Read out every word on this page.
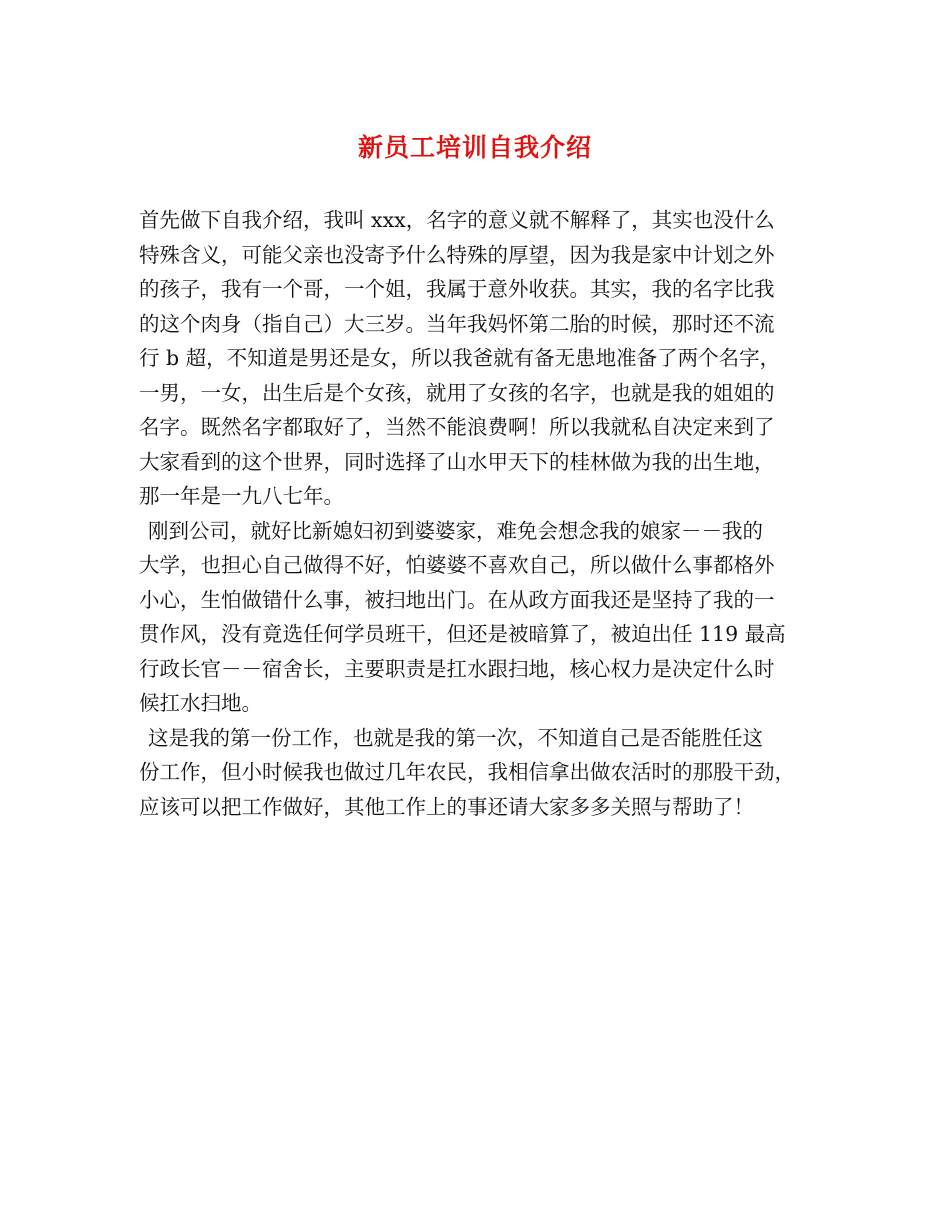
新员工培训自我介绍
首先做下自我介绍，我叫 xxx，名字的意义就不解释了，其实也没什么
特殊含义，可能父亲也没寄予什么特殊的厚望，因为我是家中计划之外
的孩子，我有一个哥，一个姐，我属于意外收获。其实，我的名字比我
的这个肉身（指自己）大三岁。当年我妈怀第二胎的时候，那时还不流
行 b 超，不知道是男还是女，所以我爸就有备无患地准备了两个名字，
一男，一女，出生后是个女孩，就用了女孩的名字，也就是我的姐姐的
名字。既然名字都取好了，当然不能浪费啊！所以我就私自决定来到了
大家看到的这个世界，同时选择了山水甲天下的桂林做为我的出生地，
那一年是一九八七年。
刚到公司，就好比新媳妇初到婆婆家，难免会想念我的娘家－－我的
大学，也担心自己做得不好，怕婆婆不喜欢自己，所以做什么事都格外
小心，生怕做错什么事，被扫地出门。在从政方面我还是坚持了我的一
贯作风，没有竟选任何学员班干，但还是被暗算了，被迫出任 119 最高
行政长官－－宿舍长，主要职责是扛水跟扫地，核心权力是决定什么时
候扛水扫地。
这是我的第一份工作，也就是我的第一次，不知道自己是否能胜任这
份工作，但小时候我也做过几年农民，我相信拿出做农活时的那股干劲，
应该可以把工作做好，其他工作上的事还请大家多多关照与帮助了！
